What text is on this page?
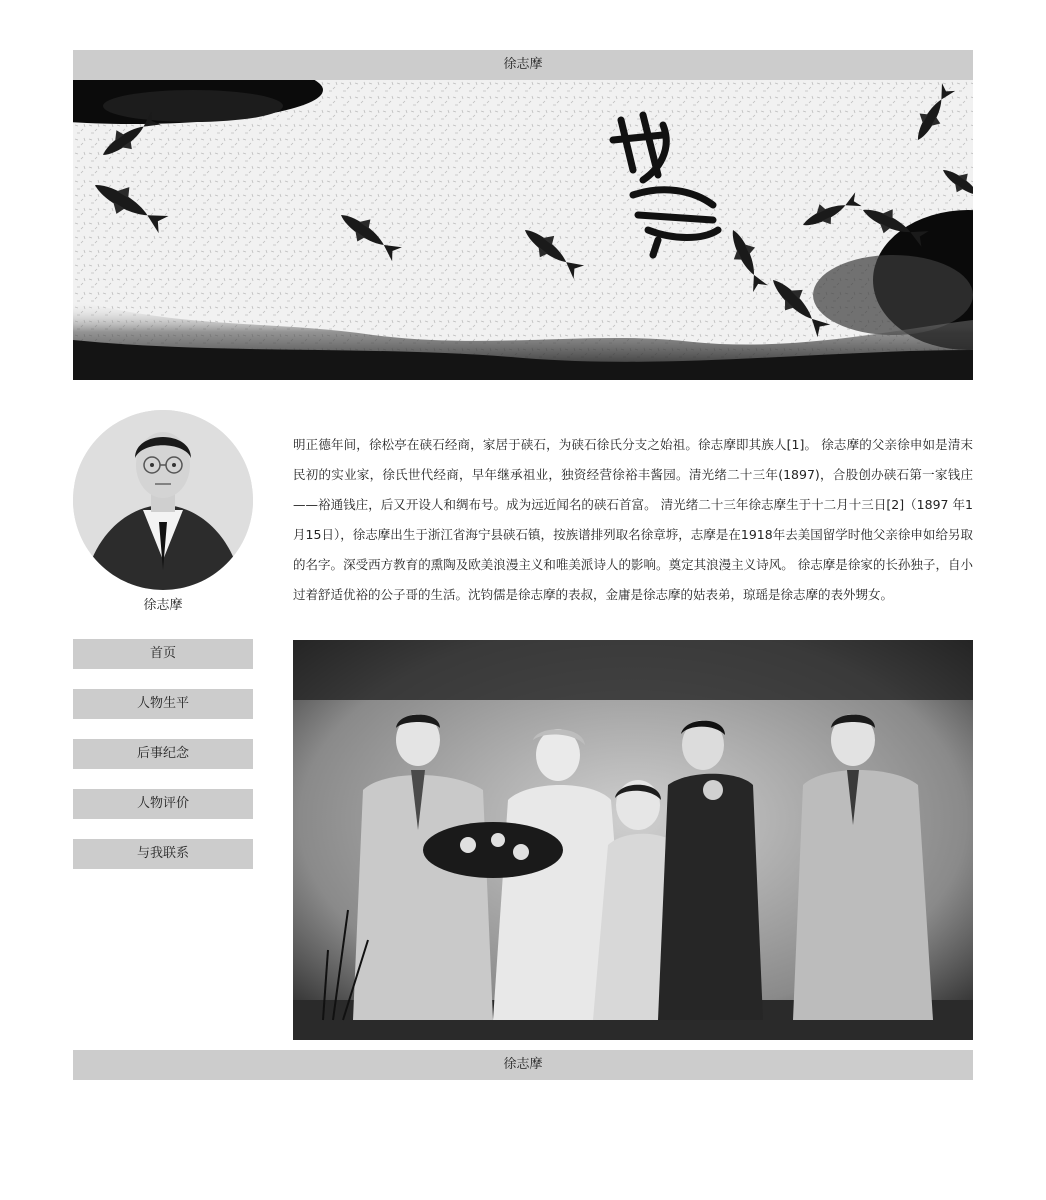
徐志摩
徐志摩
首页
人物生平
后事纪念
人物评价
与我联系

明正德年间，徐松亭在硖石经商，家居于硖石，为硖石徐氏分支之始祖。徐志摩即其族人[1]。 徐志摩的父亲徐申如是清末民初的实业家，徐氏世代经商，早年继承祖业，独资经营徐裕丰酱园。清光绪二十三年(1897)，合股创办硖石第一家钱庄——裕通钱庄，后又开设人和绸布号。成为远近闻名的硖石首富。 清光绪二十三年徐志摩生于十二月十三日[2]（1897 年1月15日），徐志摩出生于浙江省海宁县硖石镇，按族谱排列取名徐章垿，志摩是在1918年去美国留学时他父亲徐申如给另取的名字。深受西方教育的熏陶及欧美浪漫主义和唯美派诗人的影响。奠定其浪漫主义诗风。 徐志摩是徐家的长孙独子，自小过着舒适优裕的公子哥的生活。沈钧儒是徐志摩的表叔，金庸是徐志摩的姑表弟，琼瑶是徐志摩的表外甥女。

徐志摩
